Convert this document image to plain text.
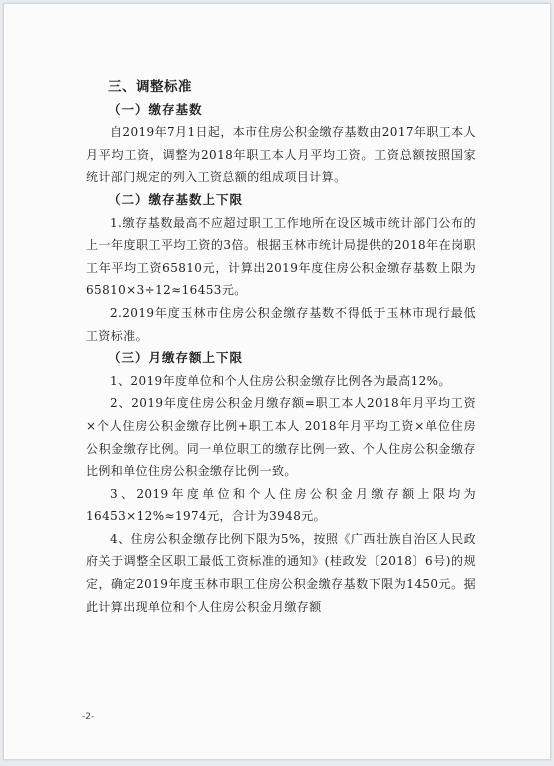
三、调整标准
（一）缴存基数
自2019年7月1日起，本市住房公积金缴存基数由2017年职工本人月平均工资，调整为2018年职工本人月平均工资。工资总额按照国家统计部门规定的列入工资总额的组成项目计算。
（二）缴存基数上下限
1.缴存基数最高不应超过职工工作地所在设区城市统计部门公布的上一年度职工平均工资的3倍。根据玉林市统计局提供的2018年在岗职工年平均工资65810元，计算出2019年度住房公积金缴存基数上限为65810×3÷12≈16453元。
2.2019年度玉林市住房公积金缴存基数不得低于玉林市现行最低工资标准。
（三）月缴存额上下限
1、2019年度单位和个人住房公积金缴存比例各为最高12%。
2、2019年度住房公积金月缴存额=职工本人2018年月平均工资×个人住房公积金缴存比例+职工本人 2018年月平均工资×单位住房公积金缴存比例。同一单位职工的缴存比例一致、个人住房公积金缴存比例和单位住房公积金缴存比例一致。
3、2019年度单位和个人住房公积金月缴存额上限均为16453×12%≈1974元，合计为3948元。
4、住房公积金缴存比例下限为5%，按照《广西壮族自治区人民政府关于调整全区职工最低工资标准的通知》(桂政发〔2018〕6号)的规定，确定2019年度玉林市职工住房公积金缴存基数下限为1450元。据此计算出现单位和个人住房公积金月缴存额
-2-
